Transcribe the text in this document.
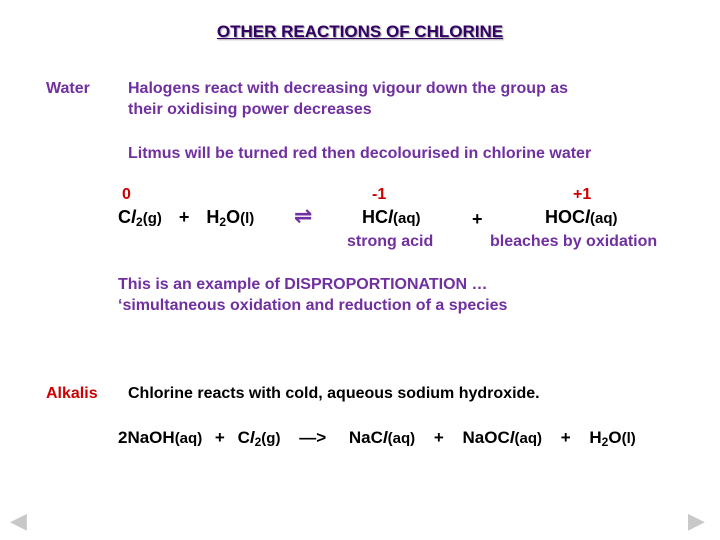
OTHER REACTIONS OF CHLORINE
Water Halogens react with decreasing vigour down the group as
their oxidising power decreases
Litmus will be turned red then decolourised in chlorine water
0	-1	+1
$Cl_2(g) + H_2O(l)$ ⇌	HCl(aq)	+	HOCl(aq)
strong acid	bleaches by oxidation
This is an example of DISPROPORTIONATION …
‘simultaneous oxidation and reduction of a species
Alkalis Chlorine reacts with cold, aqueous sodium hydroxide.
2NaOH(aq) + $Cl_2(g)$ —> NaCl(aq) + NaOCl(aq) + $H_2O(l)$
◀	▶
